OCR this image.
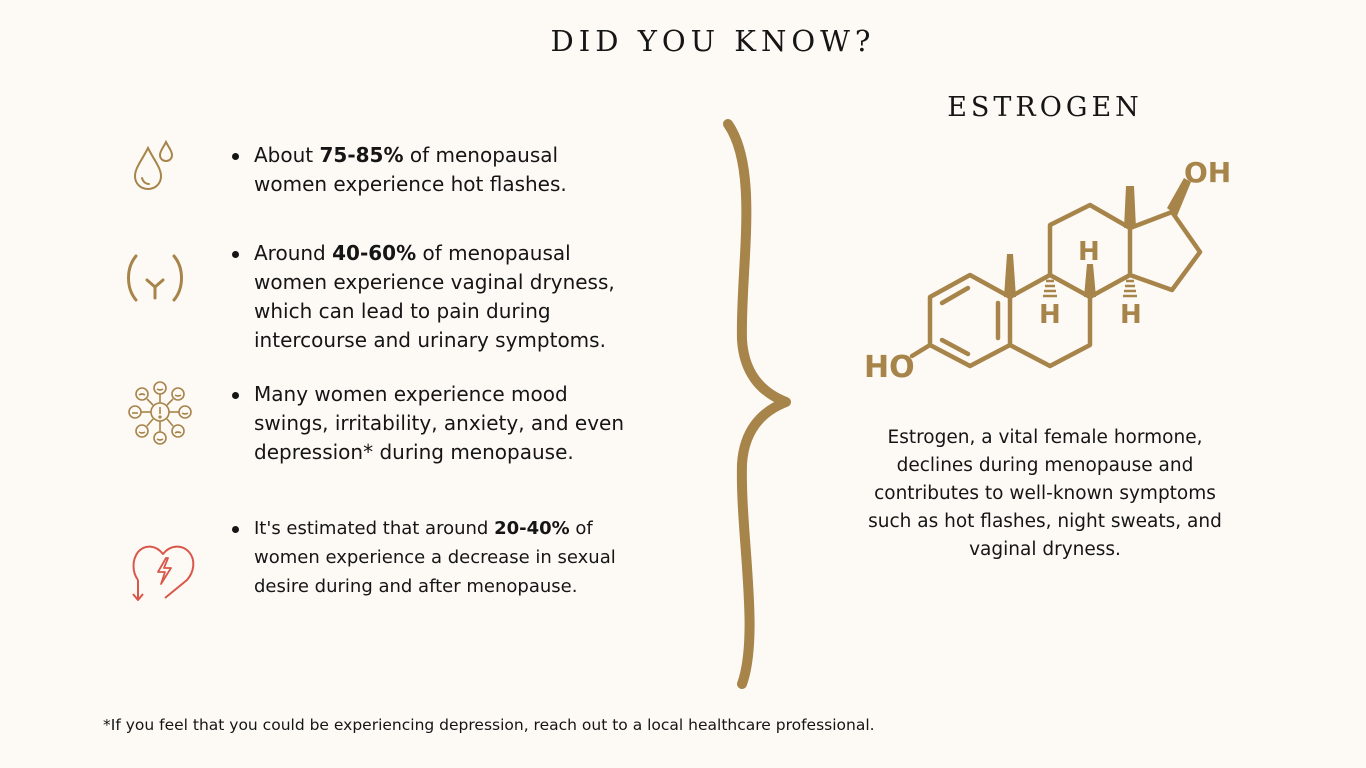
DID YOU KNOW?
About 75-85% of menopausal women experience hot flashes.
Around 40-60% of menopausal women experience vaginal dryness, which can lead to pain during intercourse and urinary symptoms.
Many women experience mood swings, irritability, anxiety, and even depression* during menopause.
It's estimated that around 20-40% of women experience a decrease in sexual desire during and after menopause.
ESTROGEN
OH
HO
H
H H
Estrogen, a vital female hormone, declines during menopause and contributes to well-known symptoms such as hot flashes, night sweats, and vaginal dryness.
*If you feel that you could be experiencing depression, reach out to a local healthcare professional.
